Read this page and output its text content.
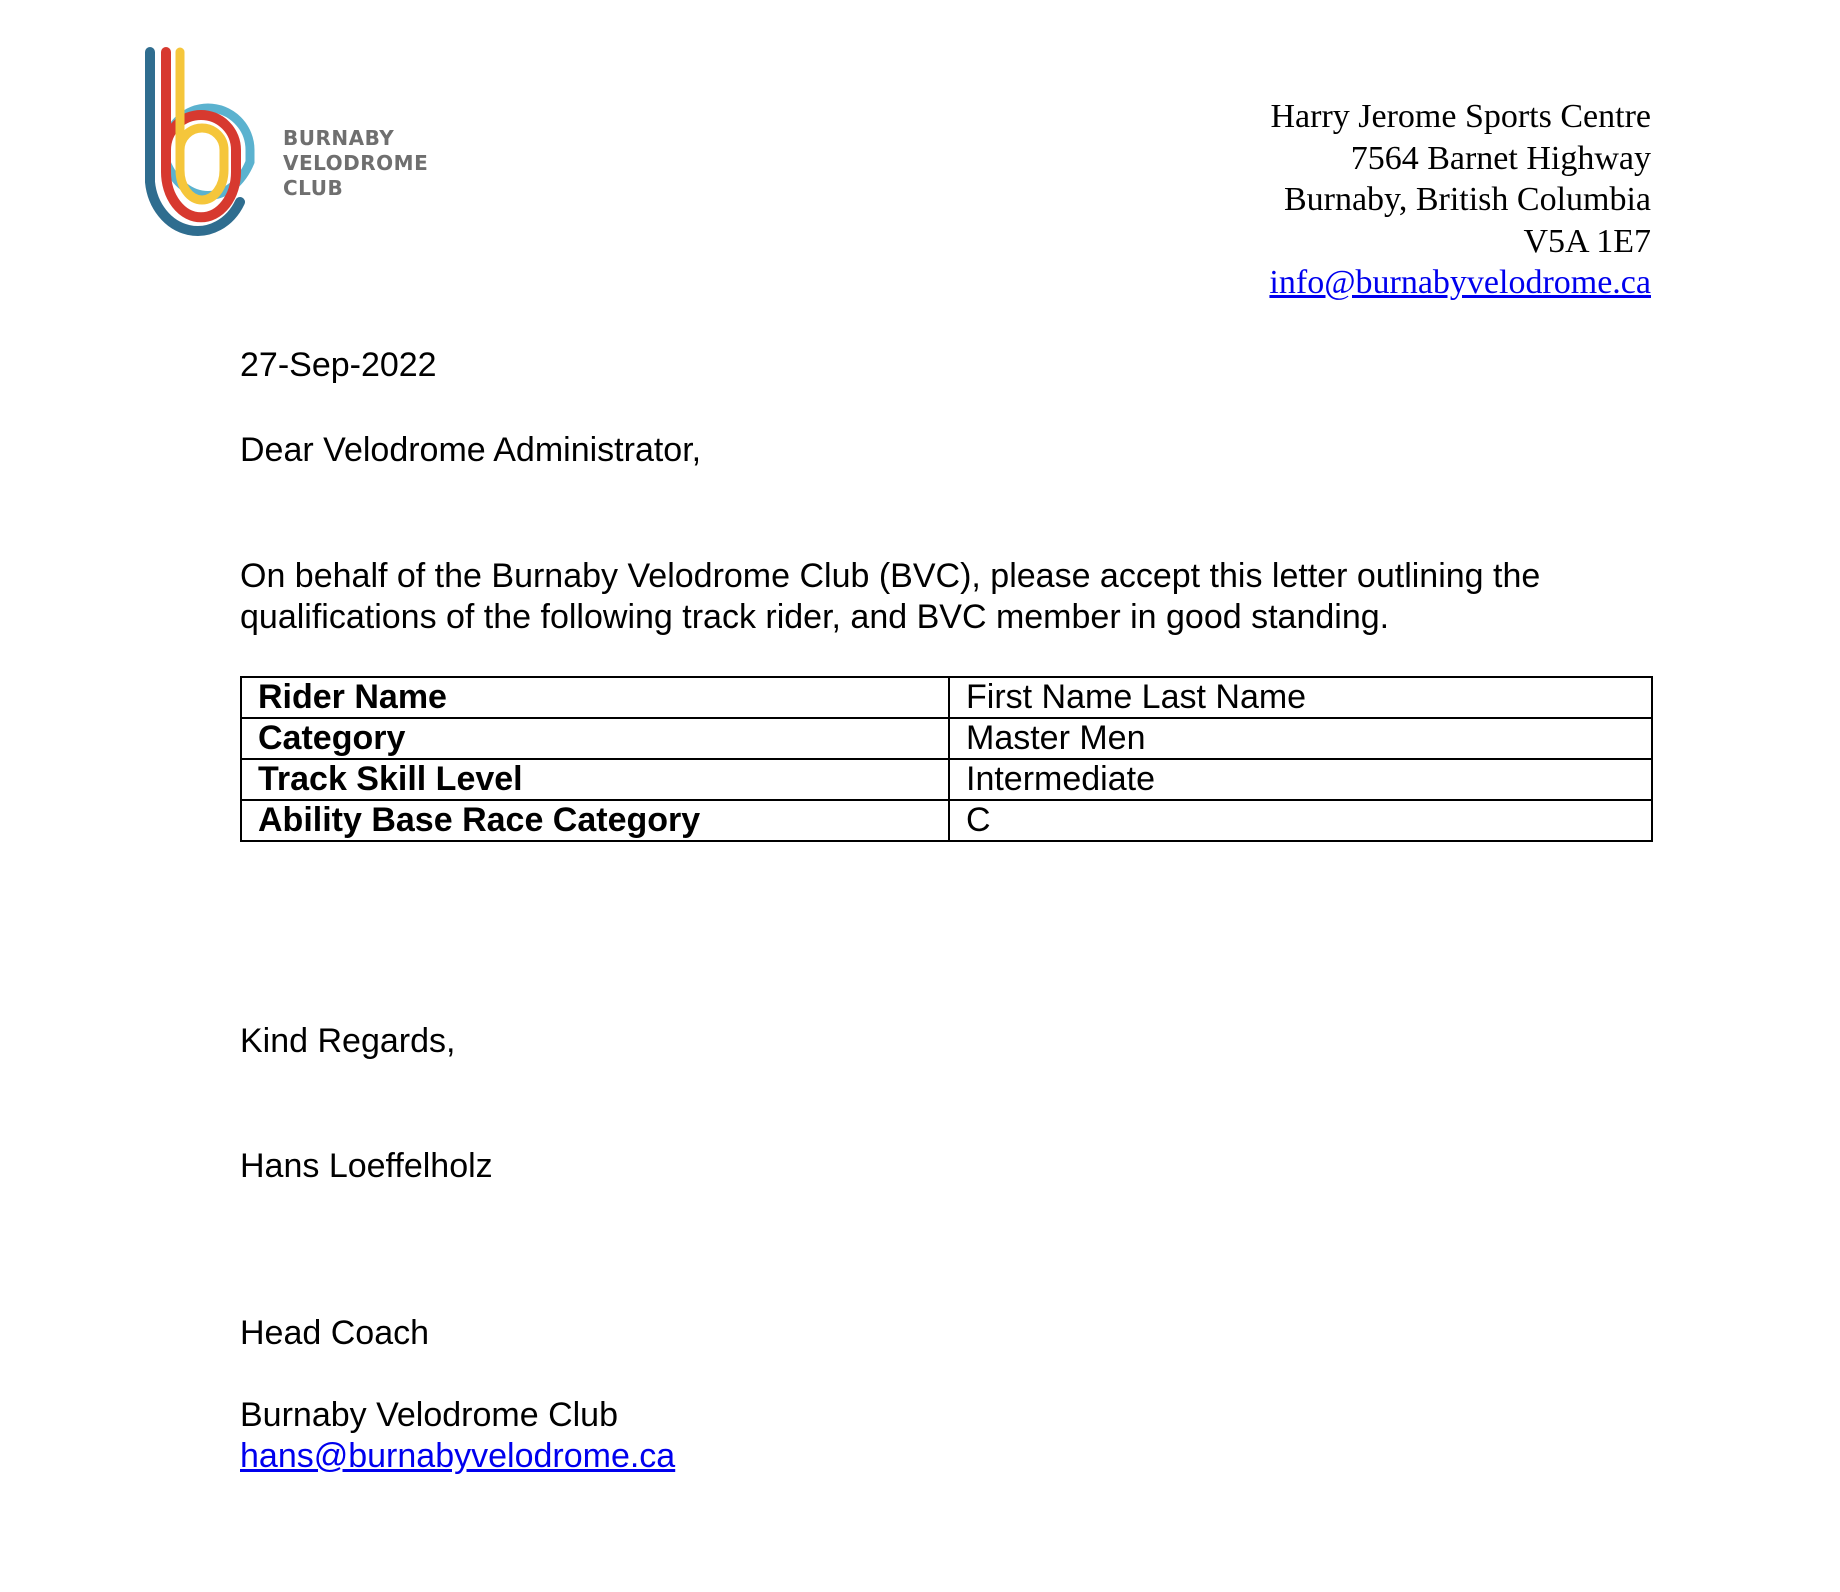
BURNABY
VELODROME
CLUB
Harry Jerome Sports Centre
7564 Barnet Highway
Burnaby, British Columbia
V5A 1E7
info@burnabyvelodrome.ca
27-Sep-2022
Dear Velodrome Administrator,
On behalf of the Burnaby Velodrome Club (BVC), please accept this letter outlining the
qualifications of the following track rider, and BVC member in good standing.
Rider Name	First Name Last Name
Category	Master Men
Track Skill Level	Intermediate
Ability Base Race Category	C
Kind Regards,
Hans Loeffelholz
Head Coach
Burnaby Velodrome Club
hans@burnabyvelodrome.ca
